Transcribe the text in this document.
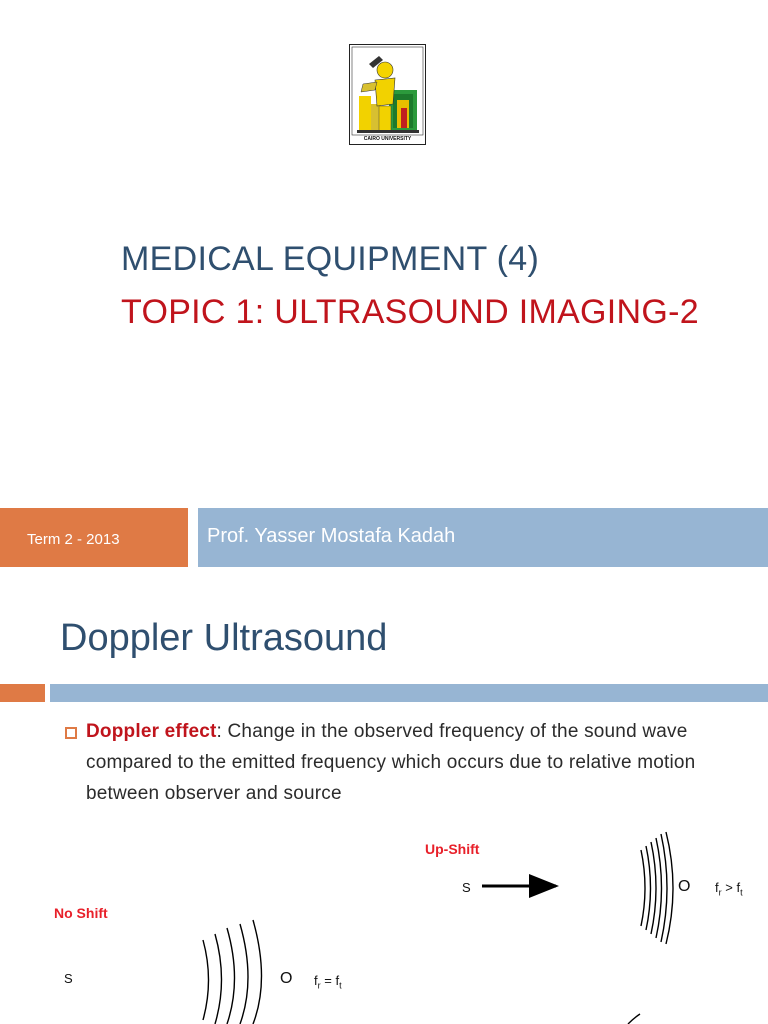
CAIRO UNIVERSITY
MEDICAL EQUIPMENT (4)
TOPIC 1: ULTRASOUND IMAGING-2
Term 2 - 2013	Prof. Yasser Mostafa Kadah
Doppler Ultrasound
Doppler effect: Change in the observed frequency of the sound wave compared to the emitted frequency which occurs due to relative motion between observer and source
Up-Shift
S	O $f_r > f_t$
No Shift
S	O $f_r = f_t$
